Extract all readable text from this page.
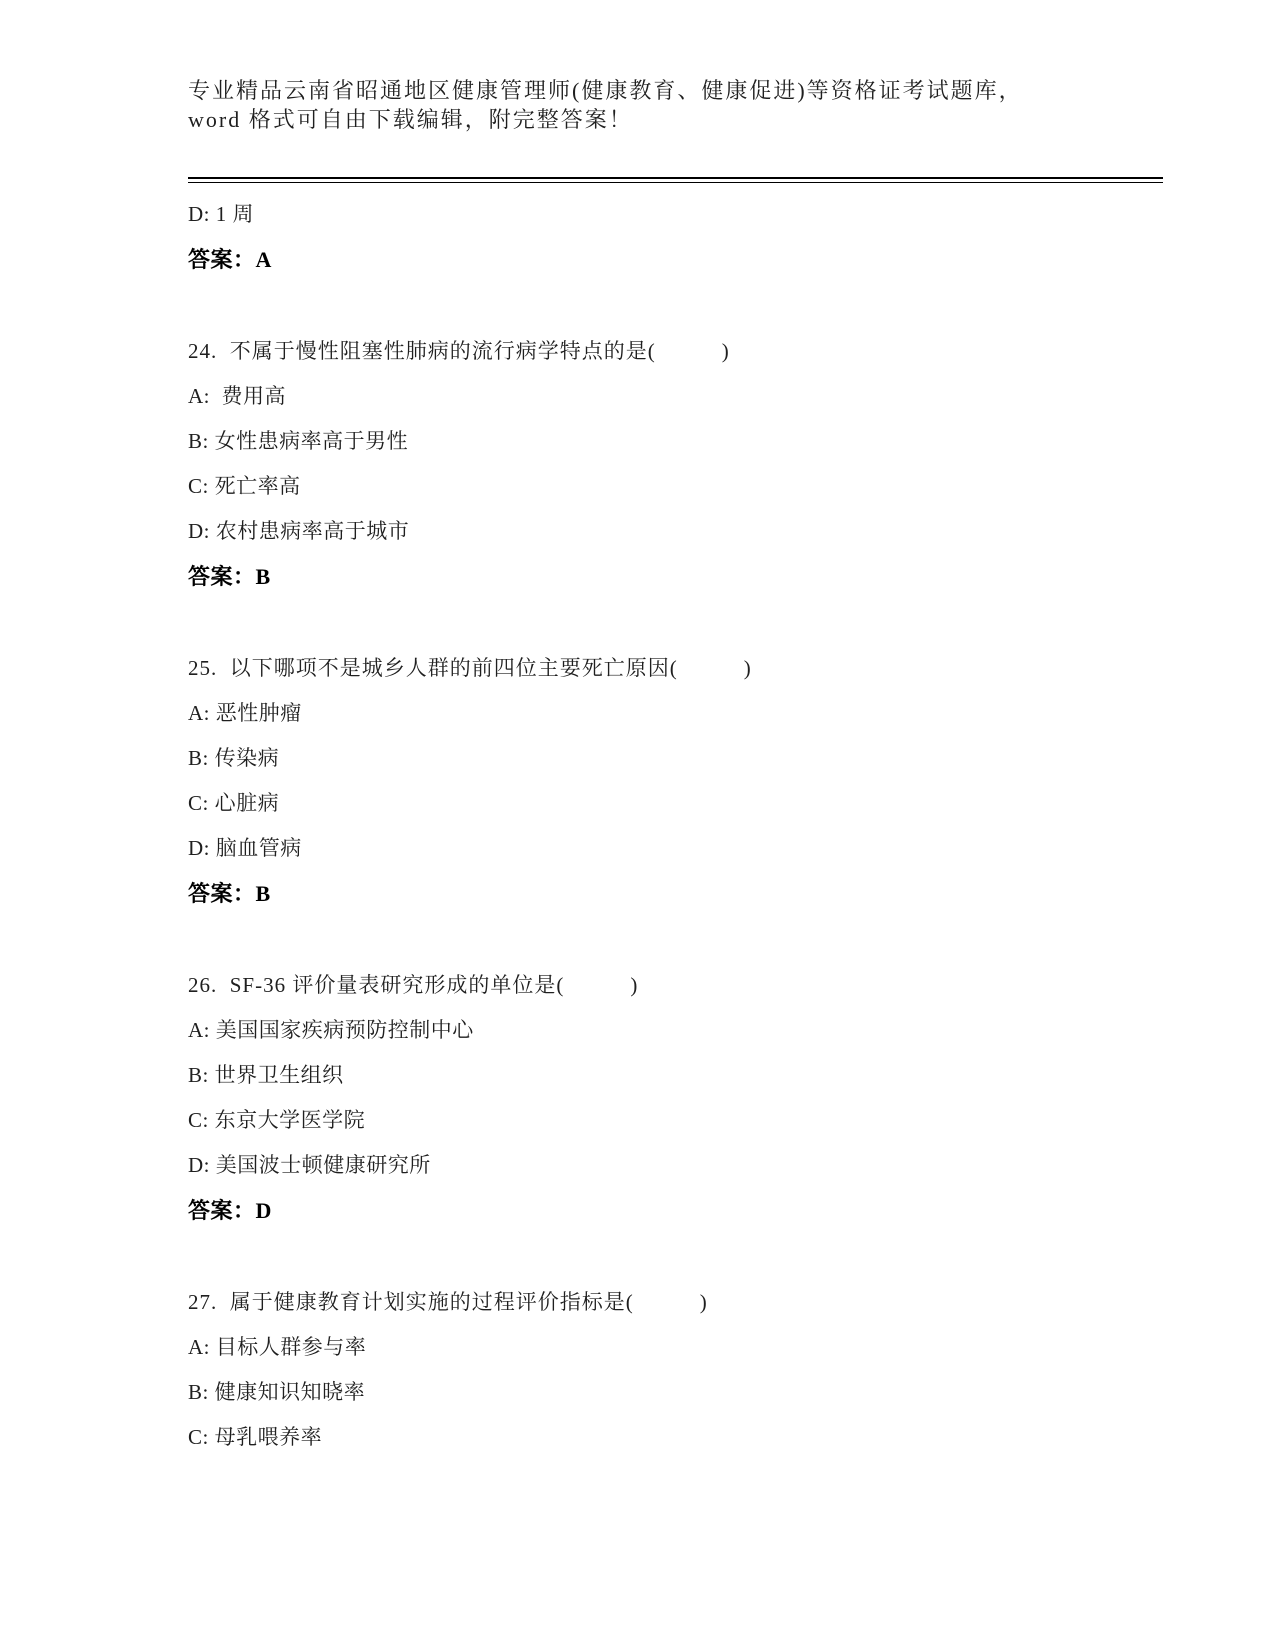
专业精品云南省昭通地区健康管理师(健康教育、健康促进)等资格证考试题库，

word 格式可自由下载编辑，附完整答案！

D: 1 周

答案：A

24.  不属于慢性阻塞性肺病的流行病学特点的是(　　　)

A:  费用高

B: 女性患病率高于男性

C: 死亡率高

D: 农村患病率高于城市

答案：B

25.  以下哪项不是城乡人群的前四位主要死亡原因(　　　)

A: 恶性肿瘤

B: 传染病

C: 心脏病

D: 脑血管病

答案：B

26.  SF-36 评价量表研究形成的单位是(　　　)

A: 美国国家疾病预防控制中心

B: 世界卫生组织

C: 东京大学医学院

D: 美国波士顿健康研究所

答案：D

27.  属于健康教育计划实施的过程评价指标是(　　　)

A: 目标人群参与率

B: 健康知识知晓率

C: 母乳喂养率
